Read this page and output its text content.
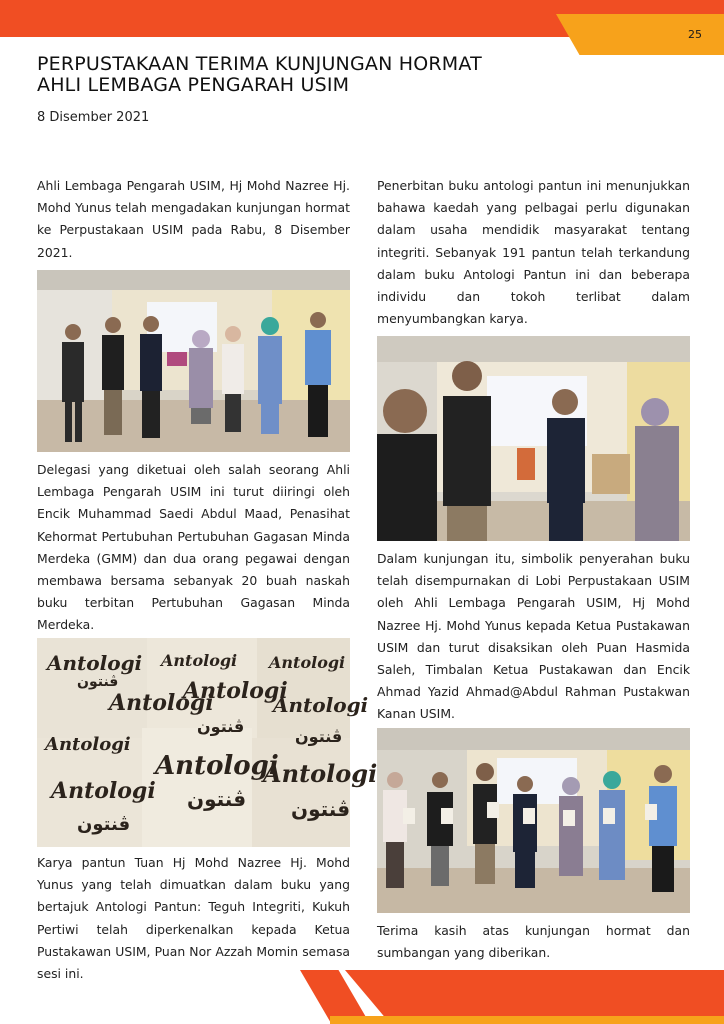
25
PERPUSTAKAAN TERIMA KUNJUNGAN HORMAT
AHLI LEMBAGA PENGARAH USIM
8 Disember 2021

Ahli Lembaga Pengarah USIM, Hj Mohd Nazree Hj. Mohd Yunus telah mengadakan kunjungan hormat ke Perpustakaan USIM pada Rabu, 8 Disember 2021.

Delegasi yang diketuai oleh salah seorang Ahli Lembaga Pengarah USIM ini turut diiringi oleh Encik Muhammad Saedi Abdul Maad, Penasihat Kehormat Pertubuhan Pertubuhan Gagasan Minda Merdeka (GMM) dan dua orang pegawai dengan membawa bersama sebanyak 20 buah naskah buku terbitan Pertubuhan Gagasan Minda Merdeka.

Antologi Antologi Antologi
Antologi
Antologi
Antologi
Antologi
Antologi
Antologi
Antologi
ڤنتون
ڤنتون
ڤنتون
ڤنتون ڤنتون
ڤنتون

Karya pantun Tuan Hj Mohd Nazree Hj. Mohd Yunus yang telah dimuatkan dalam buku yang bertajuk Antologi Pantun: Teguh Integriti, Kukuh Pertiwi telah diperkenalkan kepada Ketua Pustakawan USIM, Puan Nor Azzah Momin semasa sesi ini.

Penerbitan buku antologi pantun ini menunjukkan bahawa kaedah yang pelbagai perlu digunakan dalam usaha mendidik masyarakat tentang integriti. Sebanyak 191 pantun telah terkandung dalam buku Antologi Pantun ini dan beberapa individu dan tokoh terlibat dalam menyumbangkan karya.

Dalam kunjungan itu, simbolik penyerahan buku telah disempurnakan di Lobi Perpustakaan USIM oleh Ahli Lembaga Pengarah USIM, Hj Mohd Nazree Hj. Mohd Yunus kepada Ketua Pustakawan USIM dan turut disaksikan oleh Puan Hasmida Saleh, Timbalan Ketua Pustakawan dan Encik Ahmad Yazid Ahmad@Abdul Rahman Pustakwan Kanan USIM.

Terima kasih atas kunjungan hormat dan sumbangan yang diberikan.
